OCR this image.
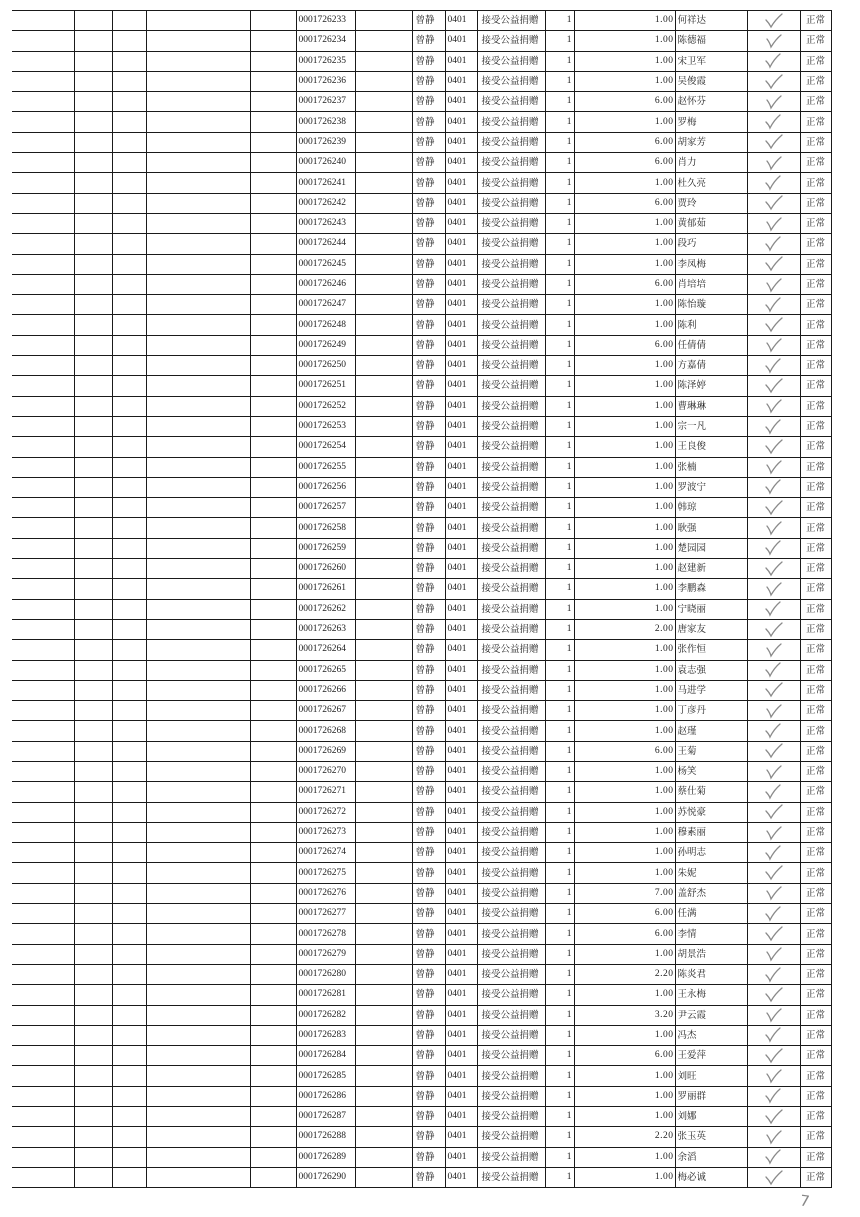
					0001726233		曾静	0401	接受公益捐赠	1	1.00	何祥达		正常
					0001726234		曾静	0401	接受公益捐赠	1	1.00	陈德福		正常
					0001726235		曾静	0401	接受公益捐赠	1	1.00	宋卫军		正常
					0001726236		曾静	0401	接受公益捐赠	1	1.00	吴俊霞		正常
					0001726237		曾静	0401	接受公益捐赠	1	6.00	赵怀芬		正常
					0001726238		曾静	0401	接受公益捐赠	1	1.00	罗梅		正常
					0001726239		曾静	0401	接受公益捐赠	1	6.00	胡家芳		正常
					0001726240		曾静	0401	接受公益捐赠	1	6.00	肖力		正常
					0001726241		曾静	0401	接受公益捐赠	1	1.00	杜久亮		正常
					0001726242		曾静	0401	接受公益捐赠	1	6.00	贾玲		正常
					0001726243		曾静	0401	接受公益捐赠	1	1.00	黄郁茹		正常
					0001726244		曾静	0401	接受公益捐赠	1	1.00	段巧		正常
					0001726245		曾静	0401	接受公益捐赠	1	1.00	李凤梅		正常
					0001726246		曾静	0401	接受公益捐赠	1	6.00	肖培培		正常
					0001726247		曾静	0401	接受公益捐赠	1	1.00	陈怡璇		正常
					0001726248		曾静	0401	接受公益捐赠	1	1.00	陈利		正常
					0001726249		曾静	0401	接受公益捐赠	1	6.00	任倩倩		正常
					0001726250		曾静	0401	接受公益捐赠	1	1.00	方嘉倩		正常
					0001726251		曾静	0401	接受公益捐赠	1	1.00	陈泽婷		正常
					0001726252		曾静	0401	接受公益捐赠	1	1.00	曹琳琳		正常
					0001726253		曾静	0401	接受公益捐赠	1	1.00	宗一凡		正常
					0001726254		曾静	0401	接受公益捐赠	1	1.00	王良俊		正常
					0001726255		曾静	0401	接受公益捐赠	1	1.00	张楠		正常
					0001726256		曾静	0401	接受公益捐赠	1	1.00	罗波宁		正常
					0001726257		曾静	0401	接受公益捐赠	1	1.00	韩琼		正常
					0001726258		曾静	0401	接受公益捐赠	1	1.00	耿强		正常
					0001726259		曾静	0401	接受公益捐赠	1	1.00	楚园园		正常
					0001726260		曾静	0401	接受公益捐赠	1	1.00	赵建新		正常
					0001726261		曾静	0401	接受公益捐赠	1	1.00	李鹏森		正常
					0001726262		曾静	0401	接受公益捐赠	1	1.00	宁晓丽		正常
					0001726263		曾静	0401	接受公益捐赠	1	2.00	唐家友		正常
					0001726264		曾静	0401	接受公益捐赠	1	1.00	张作恒		正常
					0001726265		曾静	0401	接受公益捐赠	1	1.00	袁志强		正常
					0001726266		曾静	0401	接受公益捐赠	1	1.00	马进学		正常
					0001726267		曾静	0401	接受公益捐赠	1	1.00	丁彦丹		正常
					0001726268		曾静	0401	接受公益捐赠	1	1.00	赵瑾		正常
					0001726269		曾静	0401	接受公益捐赠	1	6.00	王菊		正常
					0001726270		曾静	0401	接受公益捐赠	1	1.00	杨笑		正常
					0001726271		曾静	0401	接受公益捐赠	1	1.00	蔡仕菊		正常
					0001726272		曾静	0401	接受公益捐赠	1	1.00	苏悦豪		正常
					0001726273		曾静	0401	接受公益捐赠	1	1.00	穆素丽		正常
					0001726274		曾静	0401	接受公益捐赠	1	1.00	孙明志		正常
					0001726275		曾静	0401	接受公益捐赠	1	1.00	朱妮		正常
					0001726276		曾静	0401	接受公益捐赠	1	7.00	盖舒杰		正常
					0001726277		曾静	0401	接受公益捐赠	1	6.00	任满		正常
					0001726278		曾静	0401	接受公益捐赠	1	6.00	李情		正常
					0001726279		曾静	0401	接受公益捐赠	1	1.00	胡景浩		正常
					0001726280		曾静	0401	接受公益捐赠	1	2.20	陈炎君		正常
					0001726281		曾静	0401	接受公益捐赠	1	1.00	王永梅		正常
					0001726282		曾静	0401	接受公益捐赠	1	3.20	尹云霞		正常
					0001726283		曾静	0401	接受公益捐赠	1	1.00	冯杰		正常
					0001726284		曾静	0401	接受公益捐赠	1	6.00	王爱萍		正常
					0001726285		曾静	0401	接受公益捐赠	1	1.00	刘旺		正常
					0001726286		曾静	0401	接受公益捐赠	1	1.00	罗丽群		正常
					0001726287		曾静	0401	接受公益捐赠	1	1.00	刘娜		正常
					0001726288		曾静	0401	接受公益捐赠	1	2.20	张玉英		正常
					0001726289		曾静	0401	接受公益捐赠	1	1.00	余滔		正常
					0001726290		曾静	0401	接受公益捐赠	1	1.00	梅必诚		正常
7
